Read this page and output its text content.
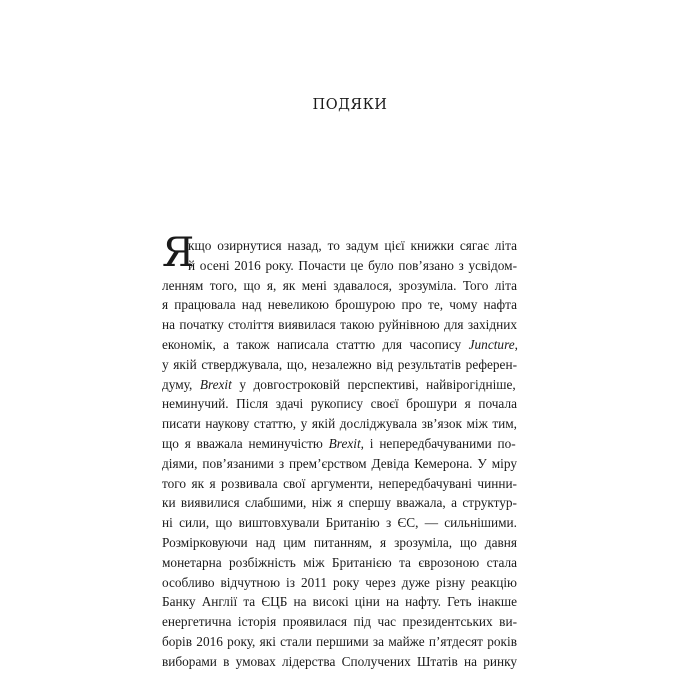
ПОДЯКИ
Я
кщо озирнутися назад, то задум цієї книжки сягає літа
й осені 2016 року. Почасти це було пов’язано з усвідом-
ленням того, що я, як мені здавалося, зрозуміла. Того літа
я працювала над невеликою брошурою про те, чому нафта
на початку століття виявилася такою руйнівною для західних
економік, а також написала статтю для часопису Juncture,
у якій стверджувала, що, незалежно від результатів референ-
думу, Brexit у довгостроковій перспективі, найвірогідніше,
неминучий. Після здачі рукопису своєї брошури я почала
писати наукову статтю, у якій досліджувала зв’язок між тим,
що я вважала неминучістю Brexit, і непередбачуваними по-
діями, пов’язаними з прем’єрством Девіда Кемерона. У міру
того як я розвивала свої аргументи, непередбачувані чинни-
ки виявилися слабшими, ніж я спершу вважала, а структур-
ні сили, що виштовхували Британію з ЄС, — сильнішими.
Розмірковуючи над цим питанням, я зрозуміла, що давня
монетарна розбіжність між Британією та єврозоною стала
особливо відчутною із 2011 року через дуже різну реакцію
Банку Англії та ЄЦБ на високі ціни на нафту. Геть інакше
енергетична історія проявилася під час президентських ви-
борів 2016 року, які стали першими за майже п’ятдесят років
виборами в умовах лідерства Сполучених Штатів на ринку
